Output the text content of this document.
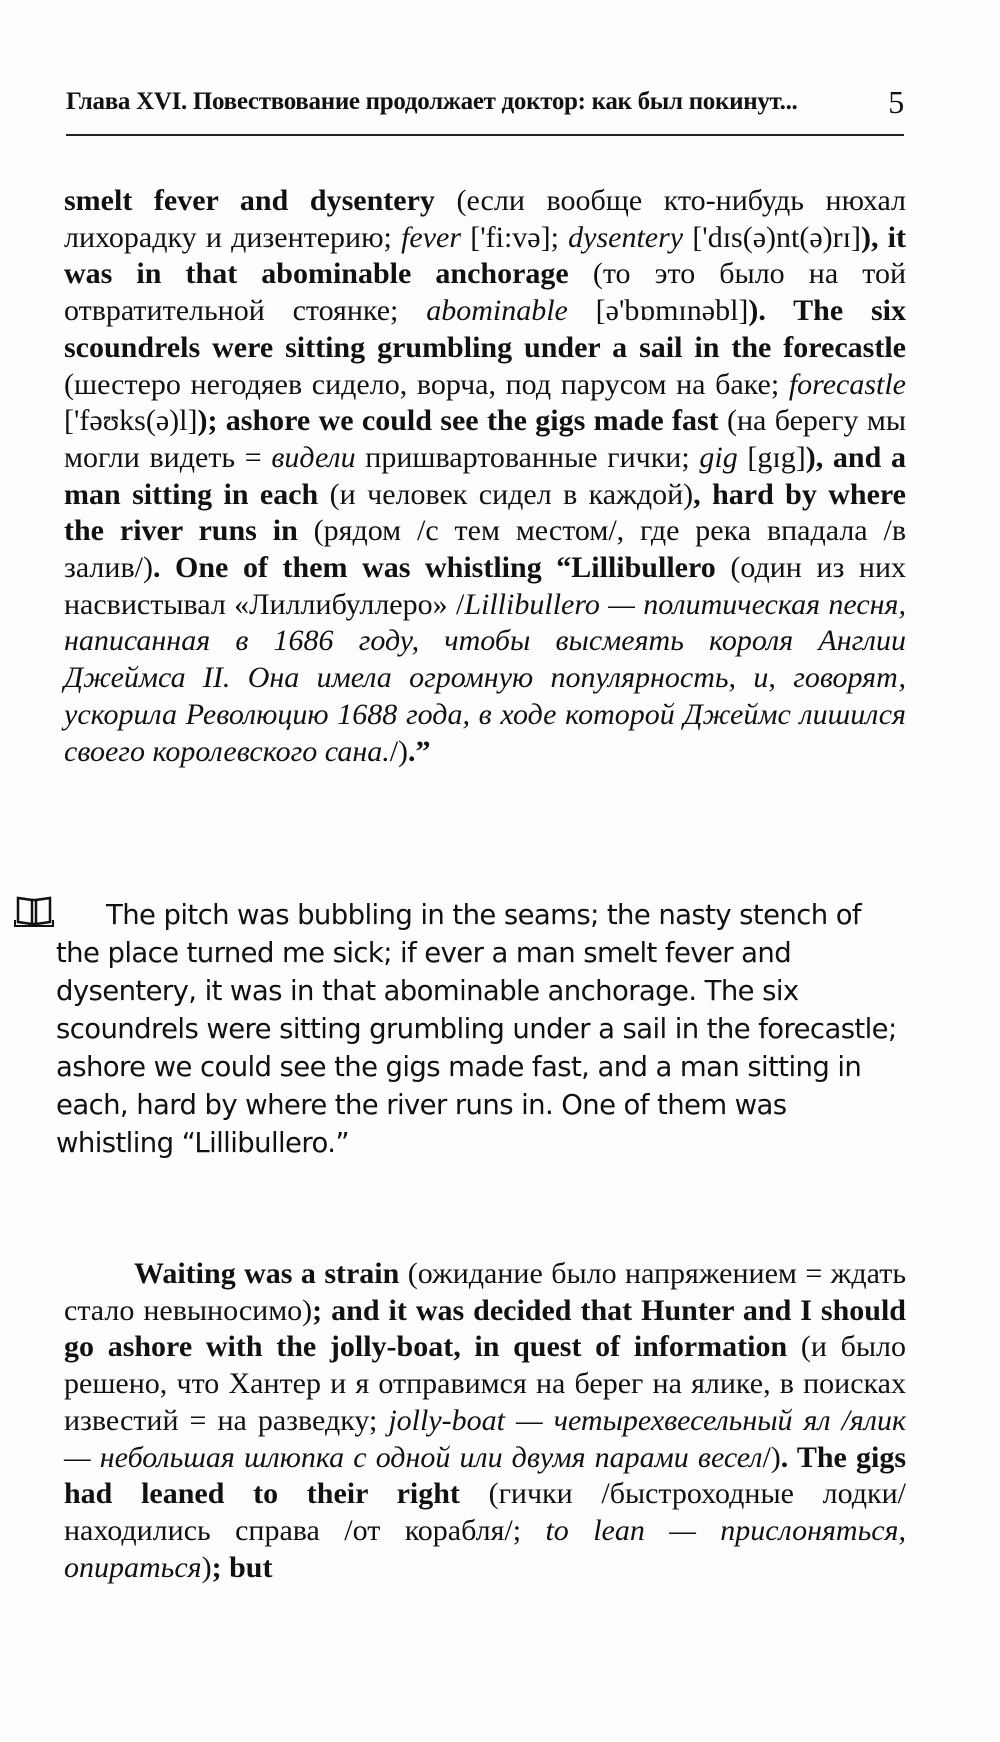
Глава XVI. Повествование продолжает доктор: как был покинут...	5

smelt fever and dysentery (если вообще кто-нибудь нюхал лихорадку и дизентерию; fever ['fi:və]; dysentery ['dɪs(ə)nt(ə)rɪ]), it was in that abominable anchorage (то это было на той отвратительной стоянке; abominable [ə'bɒmɪnəbl]). The six scoundrels were sitting grumbling under a sail in the forecastle (шестеро негодяев сидело, ворча, под парусом на баке; forecastle ['fəʊks(ə)l]); ashore we could see the gigs made fast (на берегу мы могли видеть = видели пришвартованные гички; gig [gɪg]), and a man sitting in each (и человек сидел в каждой), hard by where the river runs in (рядом /с тем местом/, где река впадала /в залив/). One of them was whistling “Lillibullero (один из них насвистывал «Лиллибуллеро» /Lillibullero — политическая песня, написанная в 1686 году, чтобы высмеять короля Англии Джеймса II. Она имела огромную популярность, и, говорят, ускорила Революцию 1688 года, в ходе которой Джеймс лишился своего королевского сана./).”

The pitch was bubbling in the seams; the nasty stench of the place turned me sick; if ever a man smelt fever and dysentery, it was in that abominable anchorage. The six scoundrels were sitting grumbling under a sail in the forecastle; ashore we could see the gigs made fast, and a man sitting in each, hard by where the river runs in. One of them was whistling “Lillibullero.”

Waiting was a strain (ожидание было напряжением = ждать стало невыносимо); and it was decided that Hunter and I should go ashore with the jolly-boat, in quest of information (и было решено, что Хантер и я отправимся на берег на ялике, в поисках известий = на разведку; jolly-boat — четырехвесельный ял /ялик — небольшая шлюпка с одной или двумя парами весел/). The gigs had leaned to their right (гички /быстроходные лодки/ находились справа /от корабля/; to lean — прислоняться, опираться); but
